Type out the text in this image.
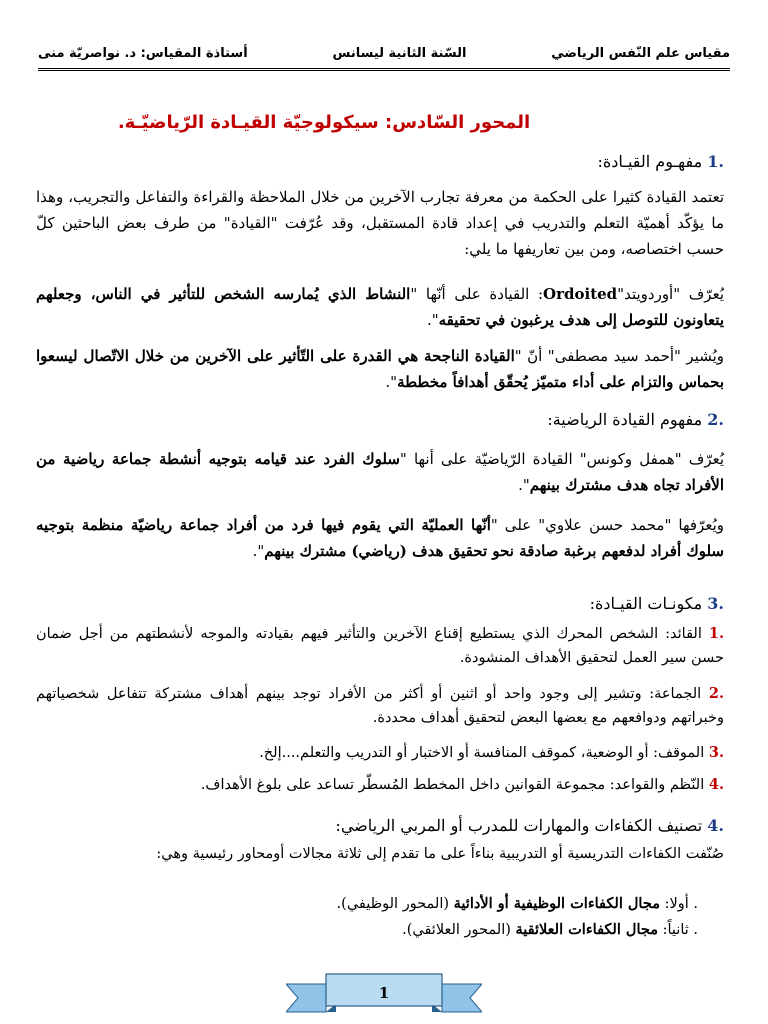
مقياس علم النّفس الرياضي
السّنة الثانية ليسانس
أستاذة المقياس: د. نواصريّة منى
المحور السّادس: سيكولوجيّة القيـادة الرّياضيّـة.
.1 مفهـوم القيـادة:
تعتمد القيادة كثيرا على الحكمة من معرفة تجارب الآخرين من خلال الملاحظة والقراءة والتفاعل والتجريب، وهذا ما يؤكّد أهميّة التعلم والتدريب في إعداد قادة المستقبل، وقد عُرّفت "القيادة" من طرف بعض الباحثين كلّ حسب اختصاصه، ومن بين تعاريفها ما يلي:
يُعرّف "أوردويتد"Ordoited: القيادة على أنّها "النشاط الذي يُمارسه الشخص للتأثير في الناس، وجعلهم يتعاونون للتوصل إلى هدف يرغبون في تحقيقه".
ويُشير "أحمد سيد مصطفى" أنّ "القيادة الناجحة هي القدرة على التّأثير على الآخرين من خلال الاتّصال ليسعوا بحماس والتزام على أداء متميّز يُحقّق أهدافاً مخططة".
.2 مفهوم القيادة الرياضية:
يُعرّف "همفل وكونس" القيادة الرّياضيّة على أنها "سلوك الفرد عند قيامه بتوجيه أنشطة جماعة رياضية من الأفراد تجاه هدف مشترك بينهم".
ويُعرّفها "محمد حسن علاوي" على "أنّها العمليّة التي يقوم فيها فرد من أفراد جماعة رياضيّة منظمة بتوجيه سلوك أفراد لدفعهم برغبة صادقة نحو تحقيق هدف (رياضي) مشترك بينهم".
.3 مكونـات القيـادة:
.1 القائد: الشخص المحرك الذي يستطيع إقناع الآخرين والتأثير فيهم بقيادته والموجه لأنشطتهم من أجل ضمان حسن سير العمل لتحقيق الأهداف المنشودة.
.2 الجماعة: وتشير إلى وجود واحد أو اثنين أو أكثر من الأفراد توجد بينهم أهداف مشتركة تتفاعل شخصياتهم وخبراتهم ودوافعهم مع بعضها البعض لتحقيق أهداف محددة.
.3 الموقف: أو الوضعية، كموقف المنافسة أو الاختبار أو التدريب والتعلم....إلخ.
.4 النّظم والقواعد: مجموعة القوانين داخل المخطط المُسطّر تساعد على بلوغ الأهداف.
.4 تصنيف الكفاءات والمهارات للمدرب أو المربي الرياضي:
صُنّفت الكفاءات التدريسية أو التدريبية بناءاً على ما تقدم إلى ثلاثة مجالات أومحاور رئيسية وهي:
. أولا: مجال الكفاءات الوظيفية أو الأدائية (المحور الوظيفي).
. ثانياً: مجال الكفاءات العلائقية (المحور العلائقي).
1
